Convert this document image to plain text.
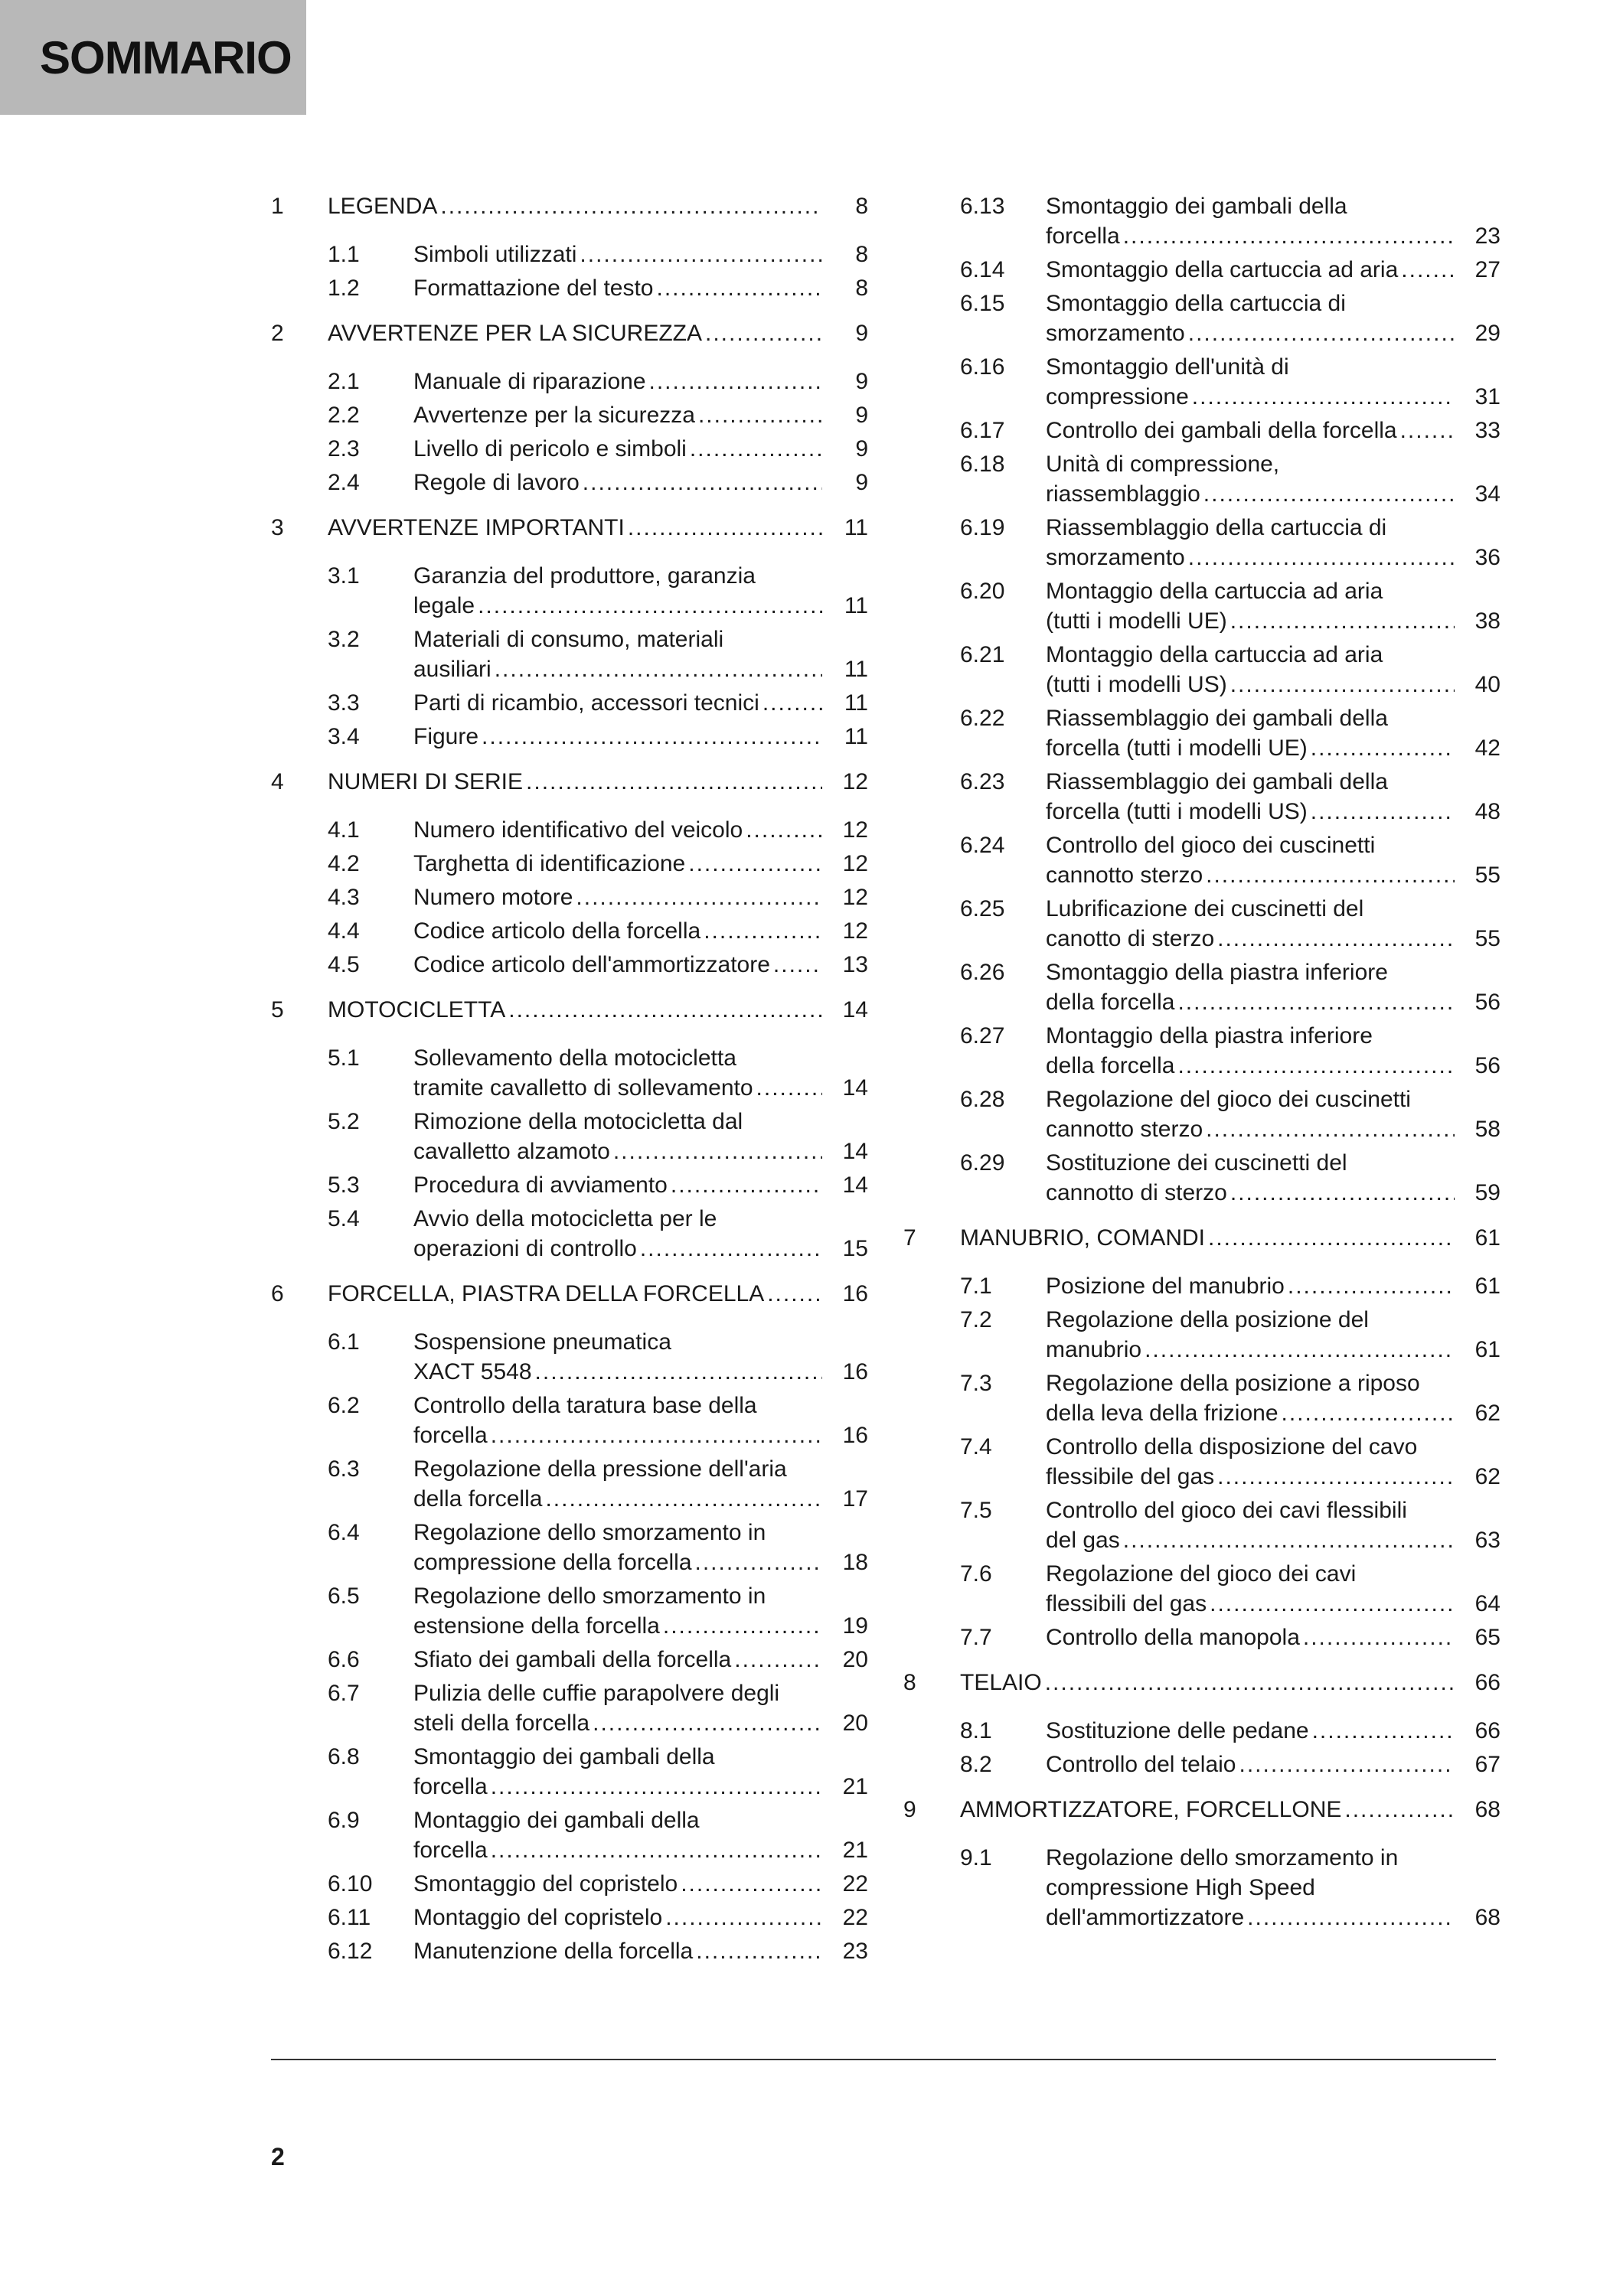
SOMMARIO
1 LEGENDA .....	8
1.1 Simboli utilizzati .....	8
1.2 Formattazione del testo .....	8
2 AVVERTENZE PER LA SICUREZZA .....	9
2.1 Manuale di riparazione .....	9
2.2 Avvertenze per la sicurezza .....	9
2.3 Livello di pericolo e simboli .....	9
2.4 Regole di lavoro .....	9
3 AVVERTENZE IMPORTANTI .....	11
3.1 Garanzia del produttore, garanzia
legale .....	11
3.2 Materiali di consumo, materiali
ausiliari .....	11
3.3 Parti di ricambio, accessori tecnici .....	11
3.4 Figure .....	11
4 NUMERI DI SERIE .....	12
4.1 Numero identificativo del veicolo .....	12
4.2 Targhetta di identificazione .....	12
4.3 Numero motore .....	12
4.4 Codice articolo della forcella .....	12
4.5 Codice articolo dell'ammortizzatore .....	13
5 MOTOCICLETTA .....	14
5.1 Sollevamento della motocicletta
tramite cavalletto di sollevamento .....	14
5.2 Rimozione della motocicletta dal
cavalletto alzamoto .....	14
5.3 Procedura di avviamento .....	14
5.4 Avvio della motocicletta per le
operazioni di controllo .....	15
6 FORCELLA, PIASTRA DELLA FORCELLA .....	16
6.1 Sospensione pneumatica
XACT 5548 .....	16
6.2 Controllo della taratura base della
forcella .....	16
6.3 Regolazione della pressione dell'aria
della forcella .....	17
6.4 Regolazione dello smorzamento in
compressione della forcella .....	18
6.5 Regolazione dello smorzamento in
estensione della forcella .....	19
6.6 Sfiato dei gambali della forcella .....	20
6.7 Pulizia delle cuffie parapolvere degli
steli della forcella .....	20
6.8 Smontaggio dei gambali della
forcella .....	21
6.9 Montaggio dei gambali della
forcella .....	21
6.10 Smontaggio del copristelo .....	22
6.11 Montaggio del copristelo .....	22
6.12 Manutenzione della forcella .....	23
6.13 Smontaggio dei gambali della
forcella .....	23
6.14 Smontaggio della cartuccia ad aria .....	27
6.15 Smontaggio della cartuccia di
smorzamento .....	29
6.16 Smontaggio dell'unità di
compressione .....	31
6.17 Controllo dei gambali della forcella .....	33
6.18 Unità di compressione,
riassemblaggio .....	34
6.19 Riassemblaggio della cartuccia di
smorzamento .....	36
6.20 Montaggio della cartuccia ad aria
(tutti i modelli UE) .....	38
6.21 Montaggio della cartuccia ad aria
(tutti i modelli US) .....	40
6.22 Riassemblaggio dei gambali della
forcella (tutti i modelli UE) .....	42
6.23 Riassemblaggio dei gambali della
forcella (tutti i modelli US) .....	48
6.24 Controllo del gioco dei cuscinetti
cannotto sterzo .....	55
6.25 Lubrificazione dei cuscinetti del
canotto di sterzo .....	55
6.26 Smontaggio della piastra inferiore
della forcella .....	56
6.27 Montaggio della piastra inferiore
della forcella .....	56
6.28 Regolazione del gioco dei cuscinetti
cannotto sterzo .....	58
6.29 Sostituzione dei cuscinetti del
cannotto di sterzo .....	59
7 MANUBRIO, COMANDI .....	61
7.1 Posizione del manubrio .....	61
7.2 Regolazione della posizione del
manubrio .....	61
7.3 Regolazione della posizione a riposo
della leva della frizione .....	62
7.4 Controllo della disposizione del cavo
flessibile del gas .....	62
7.5 Controllo del gioco dei cavi flessibili
del gas .....	63
7.6 Regolazione del gioco dei cavi
flessibili del gas .....	64
7.7 Controllo della manopola .....	65
8 TELAIO .....	66
8.1 Sostituzione delle pedane .....	66
8.2 Controllo del telaio .....	67
9 AMMORTIZZATORE, FORCELLONE .....	68
9.1 Regolazione dello smorzamento in
compressione High Speed
dell'ammortizzatore .....	68
2
